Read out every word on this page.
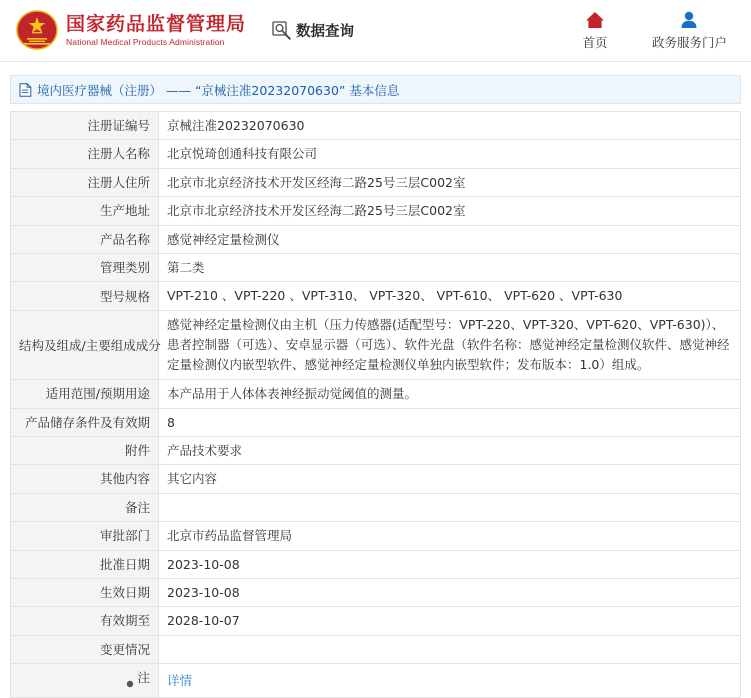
国家药品监督管理局
National Medical Products Administration
数据查询
首页	政务服务门户
境内医疗器械（注册） —— “京械注准20232070630” 基本信息
注册证编号	京械注准20232070630
注册人名称	北京悦琦创通科技有限公司
注册人住所	北京市北京经济技术开发区经海二路25号三层C002室
生产地址	北京市北京经济技术开发区经海二路25号三层C002室
产品名称	感觉神经定量检测仪
管理类别	第二类
型号规格	VPT-210 、VPT-220 、VPT-310、 VPT-320、 VPT-610、 VPT-620 、VPT-630
结构及组成/主要组成成分	感觉神经定量检测仪由主机（压力传感器(适配型号：VPT-220、VPT-320、VPT-620、VPT-630)）、患者控制器（可选）、安卓显示器（可选）、软件光盘（软件名称：感觉神经定量检测仪软件、感觉神经定量检测仪内嵌型软件、感觉神经定量检测仪单独内嵌型软件；发布版本：1.0）组成。
适用范围/预期用途	本产品用于人体体表神经振动觉阈值的测量。
产品储存条件及有效期	8
附件	产品技术要求
其他内容	其它内容
备注	
审批部门	北京市药品监督管理局
批准日期	2023-10-08
生效日期	2023-10-08
有效期至	2028-10-07
变更情况	

注	详情
